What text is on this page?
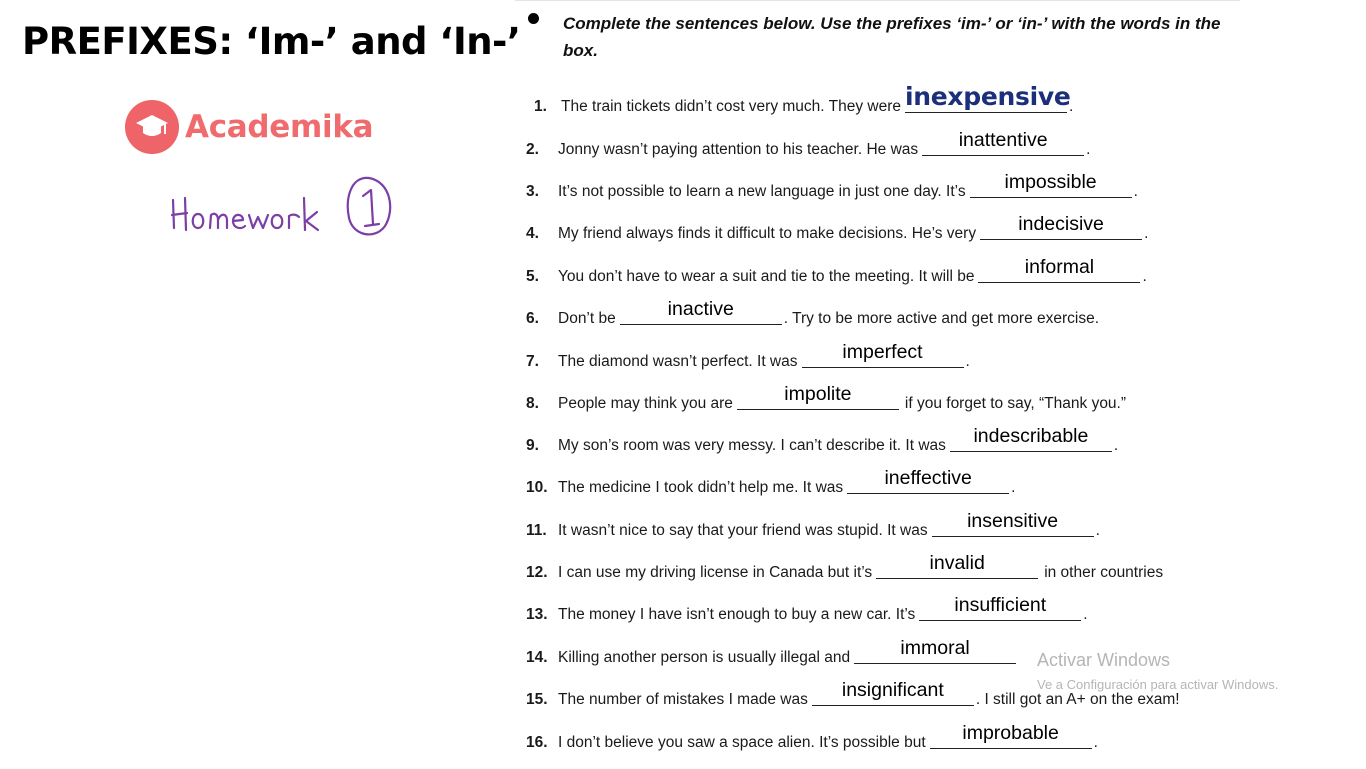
PREFIXES: ‘Im-’ and ‘In-’
Academika
Complete the sentences below. Use the prefixes ‘im-’ or ‘in-’ with the words in the box.
1. The train tickets didn’t cost very much. They were inexpensive
.
2.	Jonny wasn’t paying attention to his teacher. He was	inattentive	.
3.	It’s not possible to learn a new language in just one day. It’s	impossible	.
4.	My friend always finds it difficult to make decisions. He’s very	indecisive	.
5.	You don’t have to wear a suit and tie to the meeting. It will be	informal	.
6.	Don’t be	inactive	. Try to be more active and get more exercise.
7.	The diamond wasn’t perfect. It was	imperfect	.
8.	People may think you are	impolite	if you forget to say, “Thank you.”
9.	My son’s room was very messy. I can’t describe it. It was	indescribable	.
10. The medicine I took didn’t help me. It was	ineffective	.
11. It wasn’t nice to say that your friend was stupid. It was	insensitive	.
12. I can use my driving license in Canada but it’s	invalid	in other countries
13. The money I have isn’t enough to buy a new car. It’s	insufficient	.
14. Killing another person is usually illegal and	immoral
15. The number of mistakes I made was	insignificant	. I still got an A+ on the exam!
16. I don’t believe you saw a space alien. It’s possible but	improbable	.
Activar Windows
Ve a Configuración para activar Windows.
